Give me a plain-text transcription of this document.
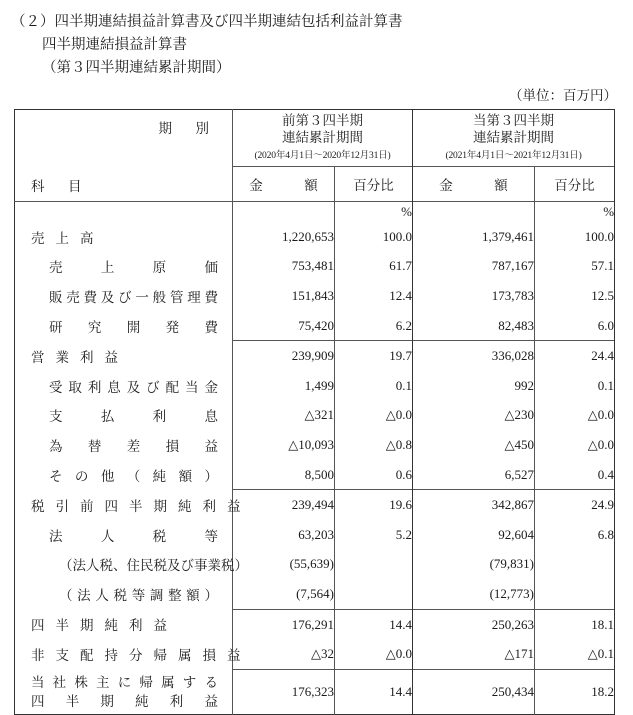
（２）四半期連結損益計算書及び四半期連結包括利益計算書
四半期連結損益計算書
（第３四半期連結累計期間）
（単位：百万円）
期　別
科　目	前第３四半期
連結累計期間
(2020年4月1日～2020年12月31日)		当第３四半期
連結累計期間
(2021年4月1日～2021年12月31日)	

	金　額	百分比	金　額	百分比
		%		%

売上高	1,220,653	100.0	1,379,461	100.0

売上原価	753,481	61.7	787,167	57.1

販売費及び一般管理費	151,843	12.4	173,783	12.5

研究開発費	75,420	6.2	82,483	6.0

営業利益	239,909	19.7	336,028	24.4

受取利息及び配当金	1,499	0.1	992	0.1

支払利息	△321	△0.0	△230	△0.0

為替差損益	△10,093	△0.8	△450	△0.0

その他（純額）	8,500	0.6	6,527	0.4

税引前四半期純利益	239,494	19.6	342,867	24.9

法人税等	63,203	5.2	92,604	6.8

（法人税、住民税及び事業税）	(55,639)		(79,831)	

（法人税等調整額）	(7,564)		(12,773)	

四半期純利益	176,291	14.4	250,263	18.1

非支配持分帰属損益	△32	△0.0	△171	△0.1

当社株主に帰属する
四半期純利益	176,323	14.4	250,434	18.2
